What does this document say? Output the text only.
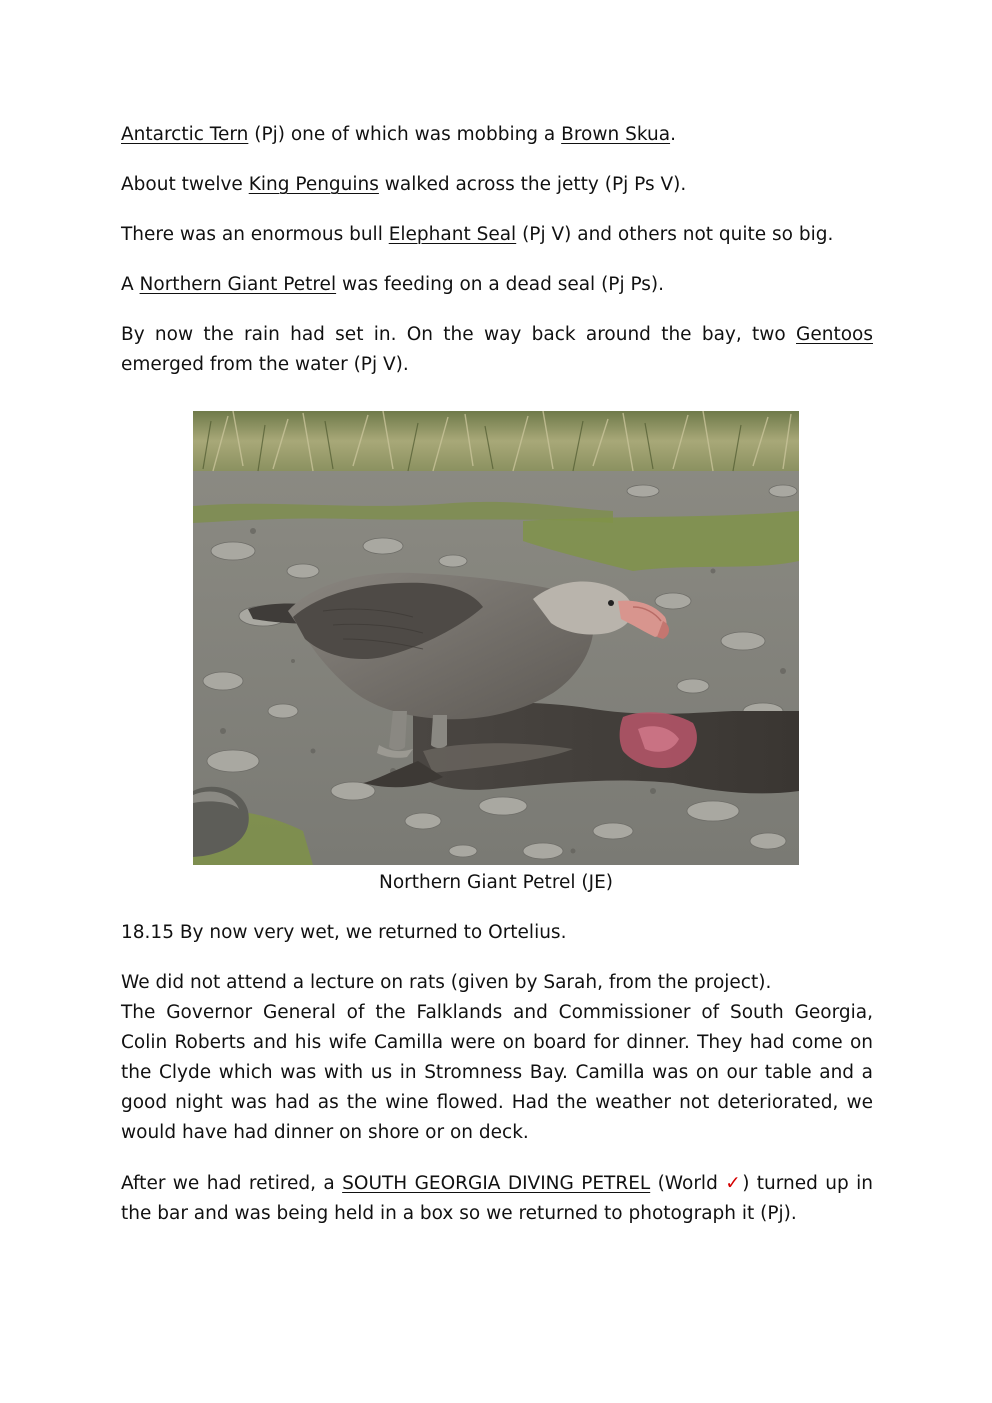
Antarctic Tern (Pj) one of which was mobbing a Brown Skua.

About twelve King Penguins walked across the jetty (Pj Ps V).

There was an enormous bull Elephant Seal (Pj V) and others not quite so big.

A Northern Giant Petrel was feeding on a dead seal (Pj Ps).

By now the rain had set in. On the way back around the bay, two Gentoos emerged from the water (Pj V).

Northern Giant Petrel (JE)

18.15 By now very wet, we returned to Ortelius.

We did not attend a lecture on rats (given by Sarah, from the project).
The Governor General of the Falklands and Commissioner of South Georgia, Colin Roberts and his wife Camilla were on board for dinner. They had come on the Clyde which was with us in Stromness Bay. Camilla was on our table and a good night was had as the wine flowed. Had the weather not deteriorated, we would have had dinner on shore or on deck.

After we had retired, a SOUTH GEORGIA DIVING PETREL (World ✓) turned up in the bar and was being held in a box so we returned to photograph it (Pj).
